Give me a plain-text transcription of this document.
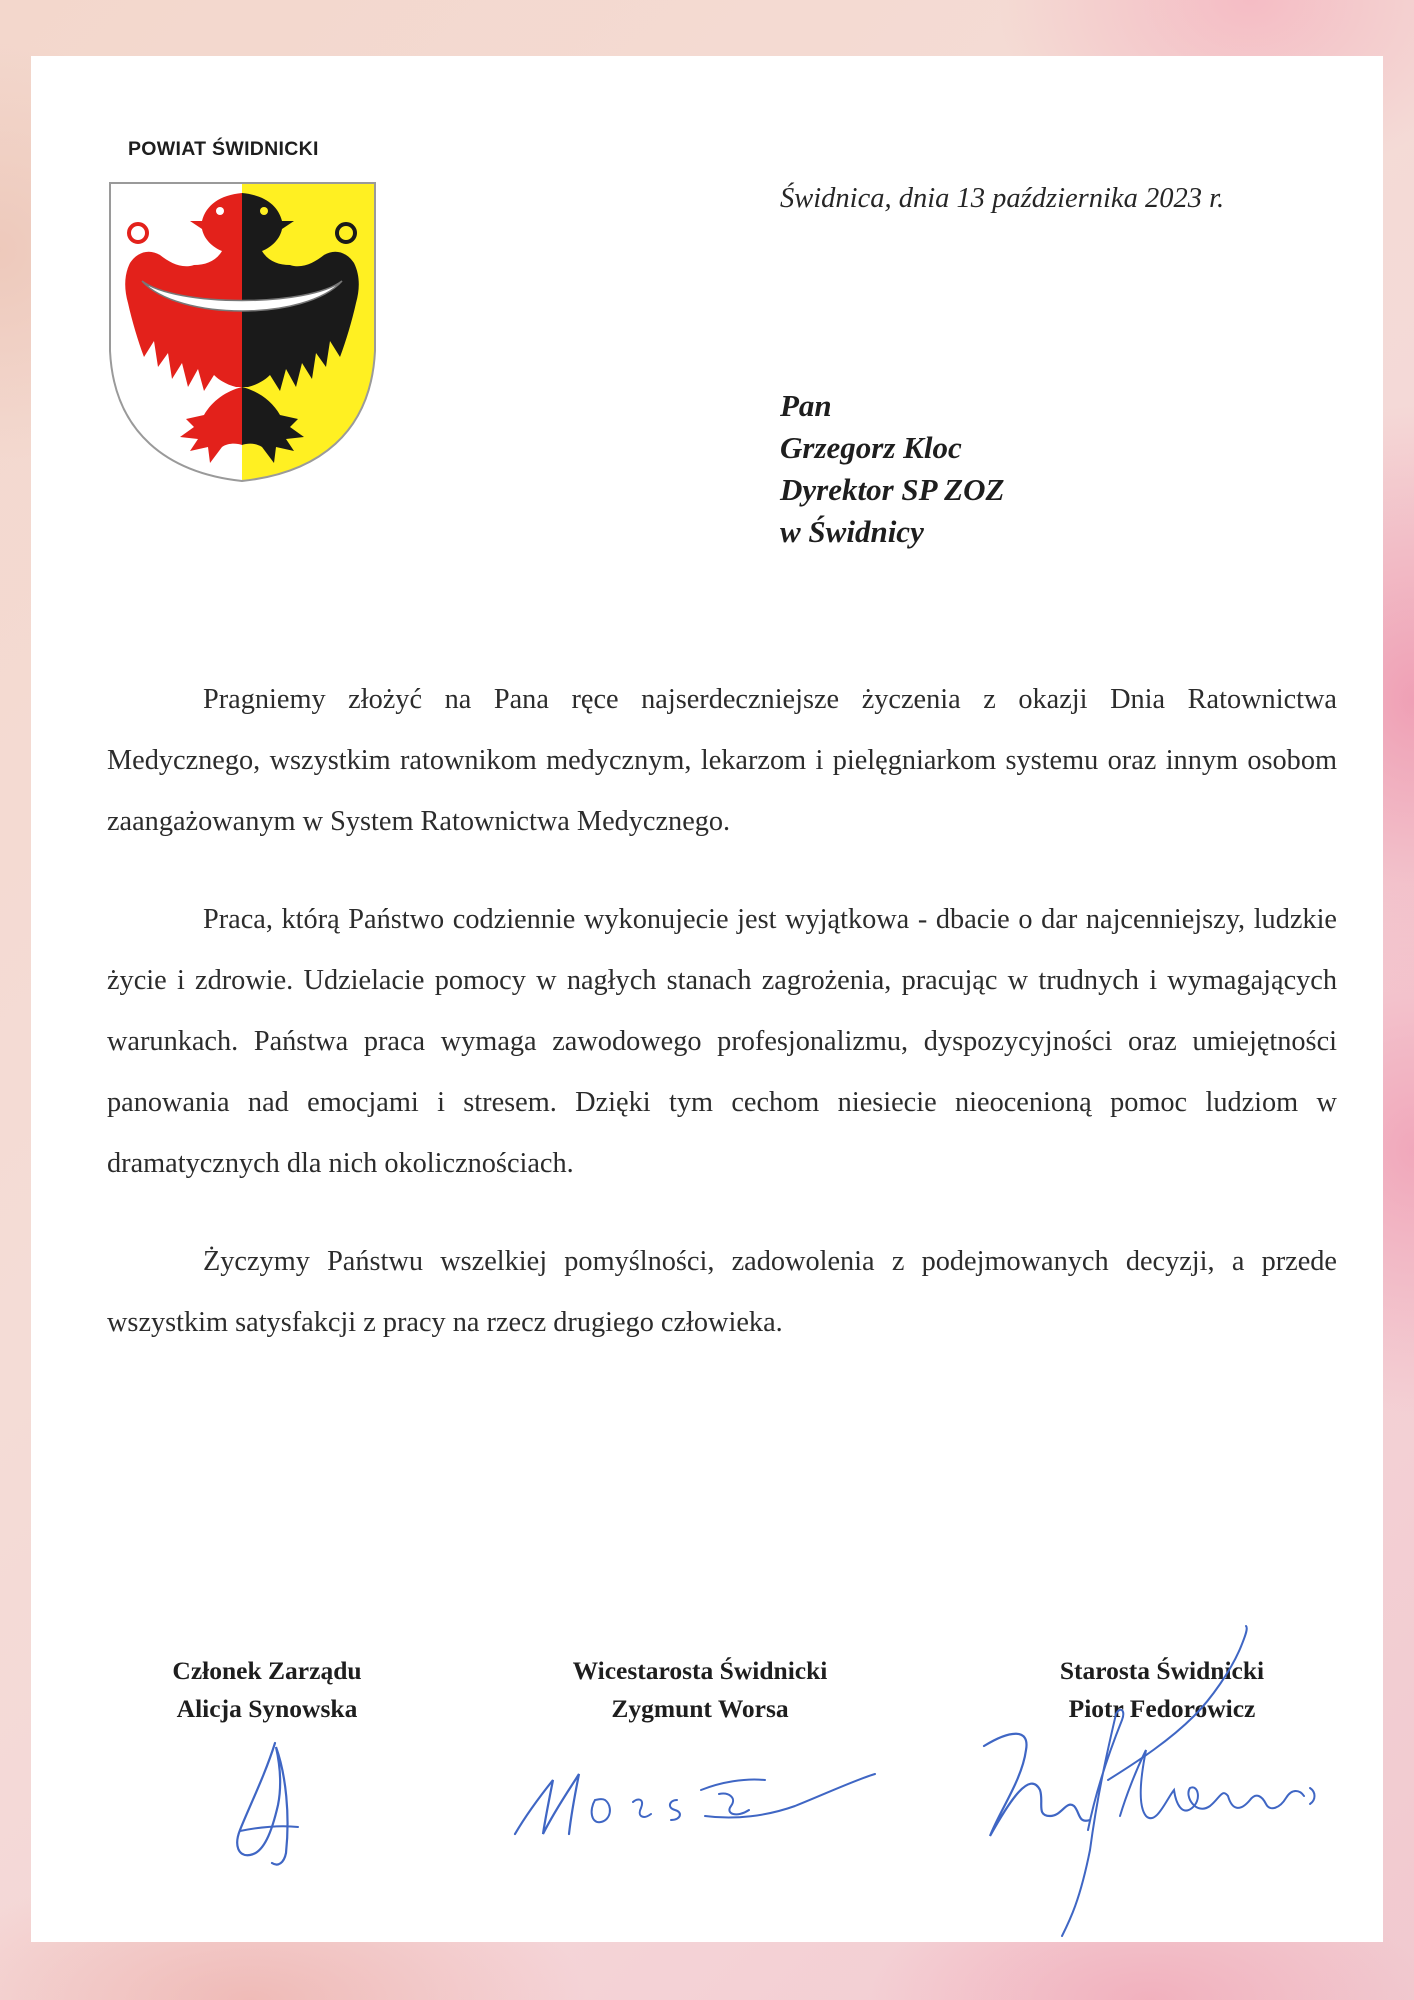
POWIAT ŚWIDNICKI
Świdnica, dnia 13 października 2023 r.
Pan
Grzegorz Kloc
Dyrektor SP ZOZ
w Świdnicy

Pragniemy złożyć na Pana ręce najserdeczniejsze życzenia z okazji Dnia Ratownictwa Medycznego, wszystkim ratownikom medycznym, lekarzom i pielęgniarkom systemu oraz innym osobom zaangażowanym w System Ratownictwa Medycznego.

Praca, którą Państwo codziennie wykonujecie jest wyjątkowa - dbacie o dar najcenniejszy, ludzkie życie i zdrowie. Udzielacie pomocy w nagłych stanach zagrożenia, pracując w trudnych i wymagających warunkach. Państwa praca wymaga zawodowego profesjonalizmu, dyspozycyjności oraz umiejętności panowania nad emocjami i stresem. Dzięki tym cechom niesiecie nieocenioną pomoc ludziom w dramatycznych dla nich okolicznościach.

Życzymy Państwu wszelkiej pomyślności, zadowolenia z podejmowanych decyzji, a przede wszystkim satysfakcji z pracy na rzecz drugiego człowieka.

Członek Zarządu
Alicja Synowska
Wicestarosta Świdnicki
Zygmunt Worsa
Starosta Świdnicki
Piotr Fedorowicz
